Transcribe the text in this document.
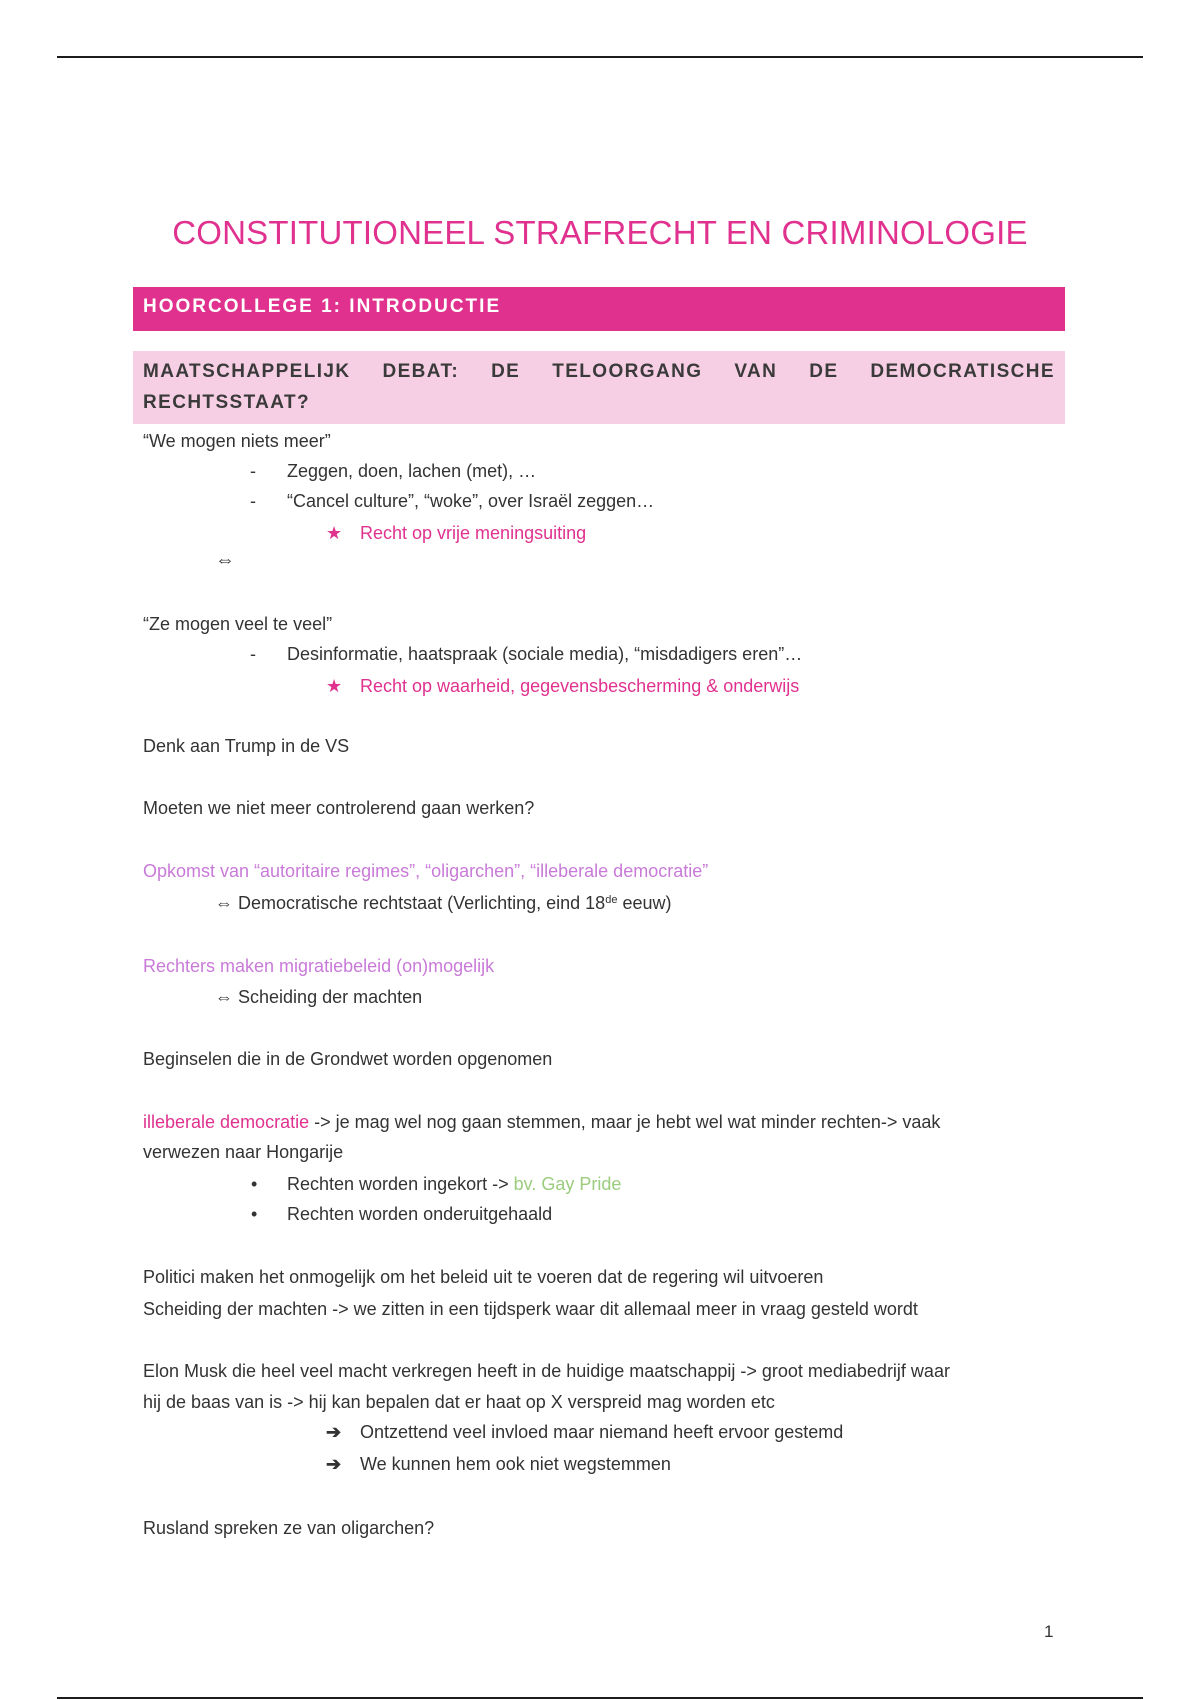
CONSTITUTIONEEL STRAFRECHT EN CRIMINOLOGIE
HOORCOLLEGE 1: INTRODUCTIE
MAATSCHAPPELIJK DEBAT: DE TELOORGANG VAN DE DEMOCRATISCHE
RECHTSSTAAT?
“We mogen niets meer”
- Zeggen, doen, lachen (met), …
- “Cancel culture”, “woke”, over Israël zeggen…
★ Recht op vrije meningsuiting
⇔
“Ze mogen veel te veel”
- Desinformatie, haatspraak (sociale media), “misdadigers eren”…
★ Recht op waarheid, gegevensbescherming & onderwijs
Denk aan Trump in de VS
Moeten we niet meer controlerend gaan werken?
Opkomst van “autoritaire regimes”, “oligarchen”, “illeberale democratie”
⇔ Democratische rechtstaat (Verlichting, eind 18de eeuw)
Rechters maken migratiebeleid (on)mogelijk
⇔ Scheiding der machten
Beginselen die in de Grondwet worden opgenomen
illeberale democratie -> je mag wel nog gaan stemmen, maar je hebt wel wat minder rechten-> vaak
verwezen naar Hongarije
• Rechten worden ingekort -> bv. Gay Pride
• Rechten worden onderuitgehaald
Politici maken het onmogelijk om het beleid uit te voeren dat de regering wil uitvoeren
Scheiding der machten -> we zitten in een tijdsperk waar dit allemaal meer in vraag gesteld wordt
Elon Musk die heel veel macht verkregen heeft in de huidige maatschappij -> groot mediabedrijf waar
hij de baas van is -> hij kan bepalen dat er haat op X verspreid mag worden etc
➔ Ontzettend veel invloed maar niemand heeft ervoor gestemd
➔ We kunnen hem ook niet wegstemmen
Rusland spreken ze van oligarchen?
1
